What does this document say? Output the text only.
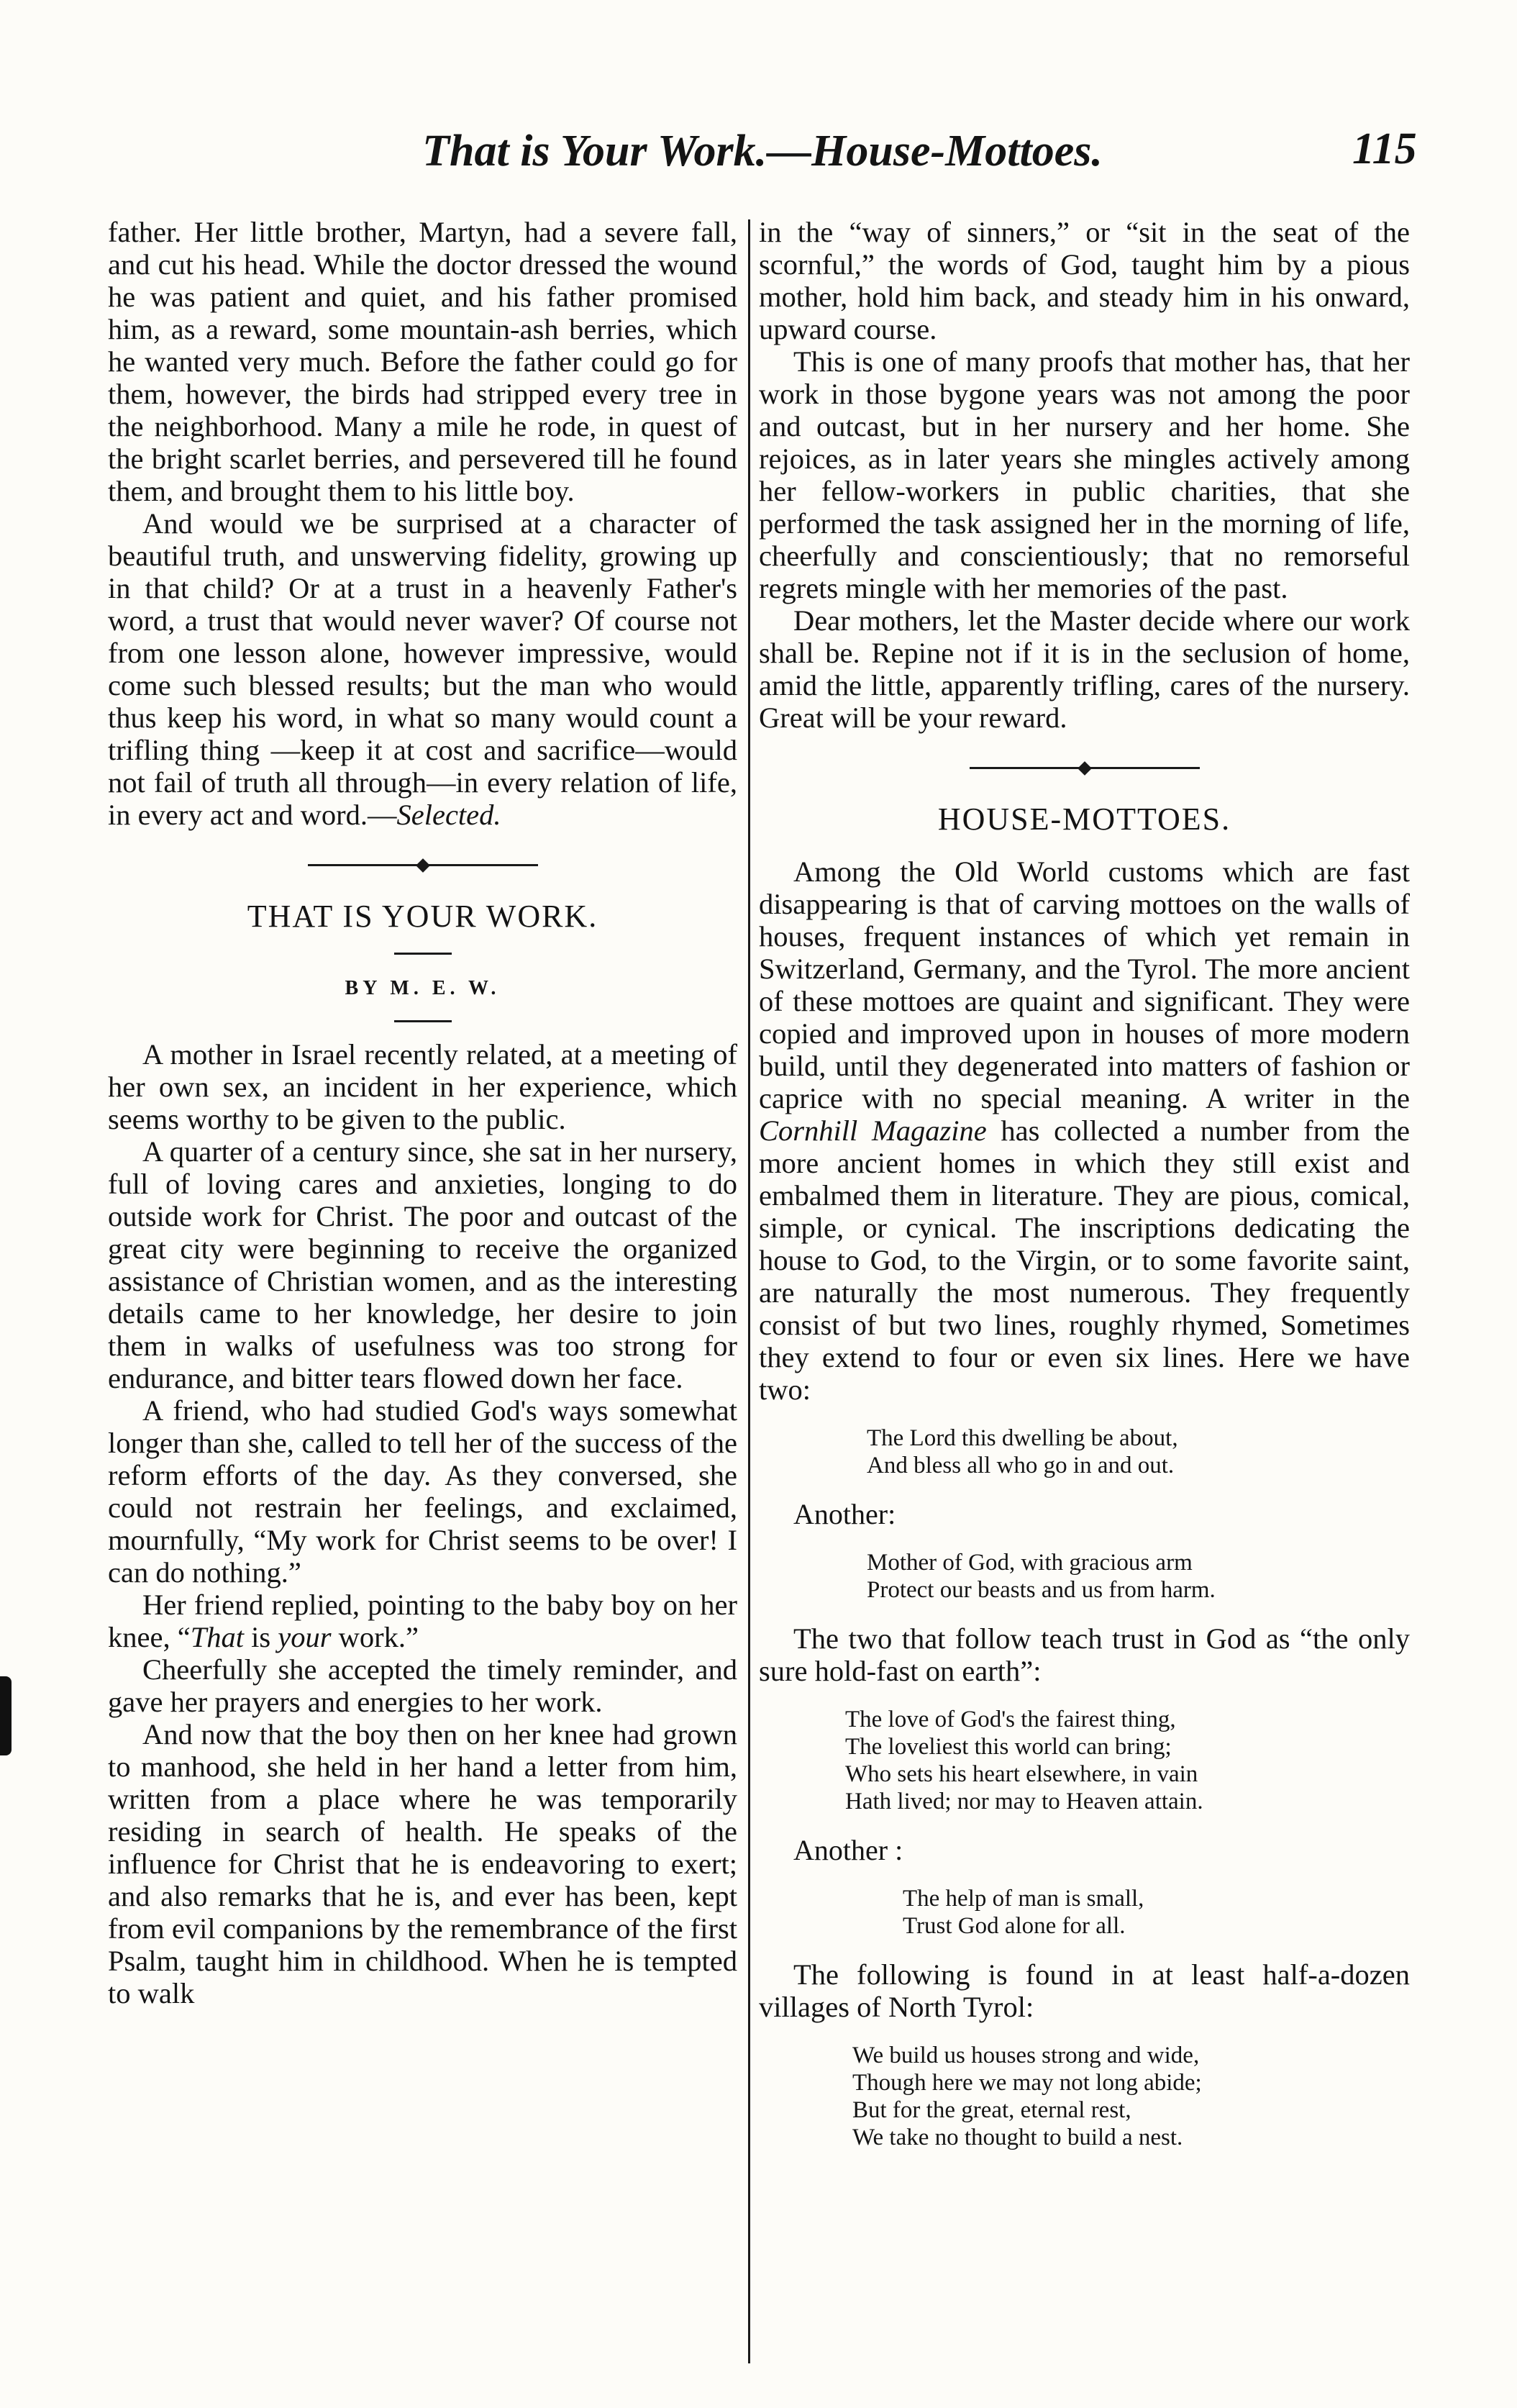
That is Your Work.—House-Mottoes.	115

father. Her little brother, Martyn, had a severe fall, and cut his head. While the doctor dressed the wound he was patient and quiet, and his father promised him, as a reward, some mountain-ash berries, which he wanted very much. Before the father could go for them, however, the birds had stripped every tree in the neighborhood. Many a mile he rode, in quest of the bright scarlet berries, and persevered till he found them, and brought them to his little boy.

And would we be surprised at a character of beautiful truth, and unswerving fidelity, growing up in that child? Or at a trust in a heavenly Father's word, a trust that would never waver? Of course not from one lesson alone, however impressive, would come such blessed results; but the man who would thus keep his word, in what so many would count a trifling thing —keep it at cost and sacrifice—would not fail of truth all through—in every relation of life, in every act and word.—Selected.

THAT IS YOUR WORK.
BY M. E. W.

A mother in Israel recently related, at a meeting of her own sex, an incident in her experience, which seems worthy to be given to the public.

A quarter of a century since, she sat in her nursery, full of loving cares and anxieties, longing to do outside work for Christ. The poor and outcast of the great city were beginning to receive the organized assistance of Christian women, and as the interesting details came to her knowledge, her desire to join them in walks of usefulness was too strong for endurance, and bitter tears flowed down her face.

A friend, who had studied God's ways somewhat longer than she, called to tell her of the success of the reform efforts of the day. As they conversed, she could not restrain her feelings, and exclaimed, mournfully, “My work for Christ seems to be over! I can do nothing.”

Her friend replied, pointing to the baby boy on her knee, “That is your work.”

Cheerfully she accepted the timely reminder, and gave her prayers and energies to her work.

And now that the boy then on her knee had grown to manhood, she held in her hand a letter from him, written from a place where he was temporarily residing in search of health. He speaks of the influence for Christ that he is endeavoring to exert; and also remarks that he is, and ever has been, kept from evil companions by the remembrance of the first Psalm, taught him in childhood. When he is tempted to walk

in the “way of sinners,” or “sit in the seat of the scornful,” the words of God, taught him by a pious mother, hold him back, and steady him in his onward, upward course.

This is one of many proofs that mother has, that her work in those bygone years was not among the poor and outcast, but in her nursery and her home. She rejoices, as in later years she mingles actively among her fellow-workers in public charities, that she performed the task assigned her in the morning of life, cheerfully and conscientiously; that no remorseful regrets mingle with her memories of the past.

Dear mothers, let the Master decide where our work shall be. Repine not if it is in the seclusion of home, amid the little, apparently trifling, cares of the nursery. Great will be your reward.

HOUSE-MOTTOES.

Among the Old World customs which are fast disappearing is that of carving mottoes on the walls of houses, frequent instances of which yet remain in Switzerland, Germany, and the Tyrol. The more ancient of these mottoes are quaint and significant. They were copied and improved upon in houses of more modern build, until they degenerated into matters of fashion or caprice with no special meaning. A writer in the Cornhill Magazine has collected a number from the more ancient homes in which they still exist and embalmed them in literature. They are pious, comical, simple, or cynical. The inscriptions dedicating the house to God, to the Virgin, or to some favorite saint, are naturally the most numerous. They frequently consist of but two lines, roughly rhymed, Sometimes they extend to four or even six lines. Here we have two:

The Lord this dwelling be about,
And bless all who go in and out.

Another:

Mother of God, with gracious arm
Protect our beasts and us from harm.

The two that follow teach trust in God as “the only sure hold-fast on earth”:

The love of God's the fairest thing,
The loveliest this world can bring;
Who sets his heart elsewhere, in vain
Hath lived; nor may to Heaven attain.

Another :

The help of man is small,
Trust God alone for all.

The following is found in at least half-a-dozen villages of North Tyrol:

We build us houses strong and wide,
Though here we may not long abide;
But for the great, eternal rest,
We take no thought to build a nest.
